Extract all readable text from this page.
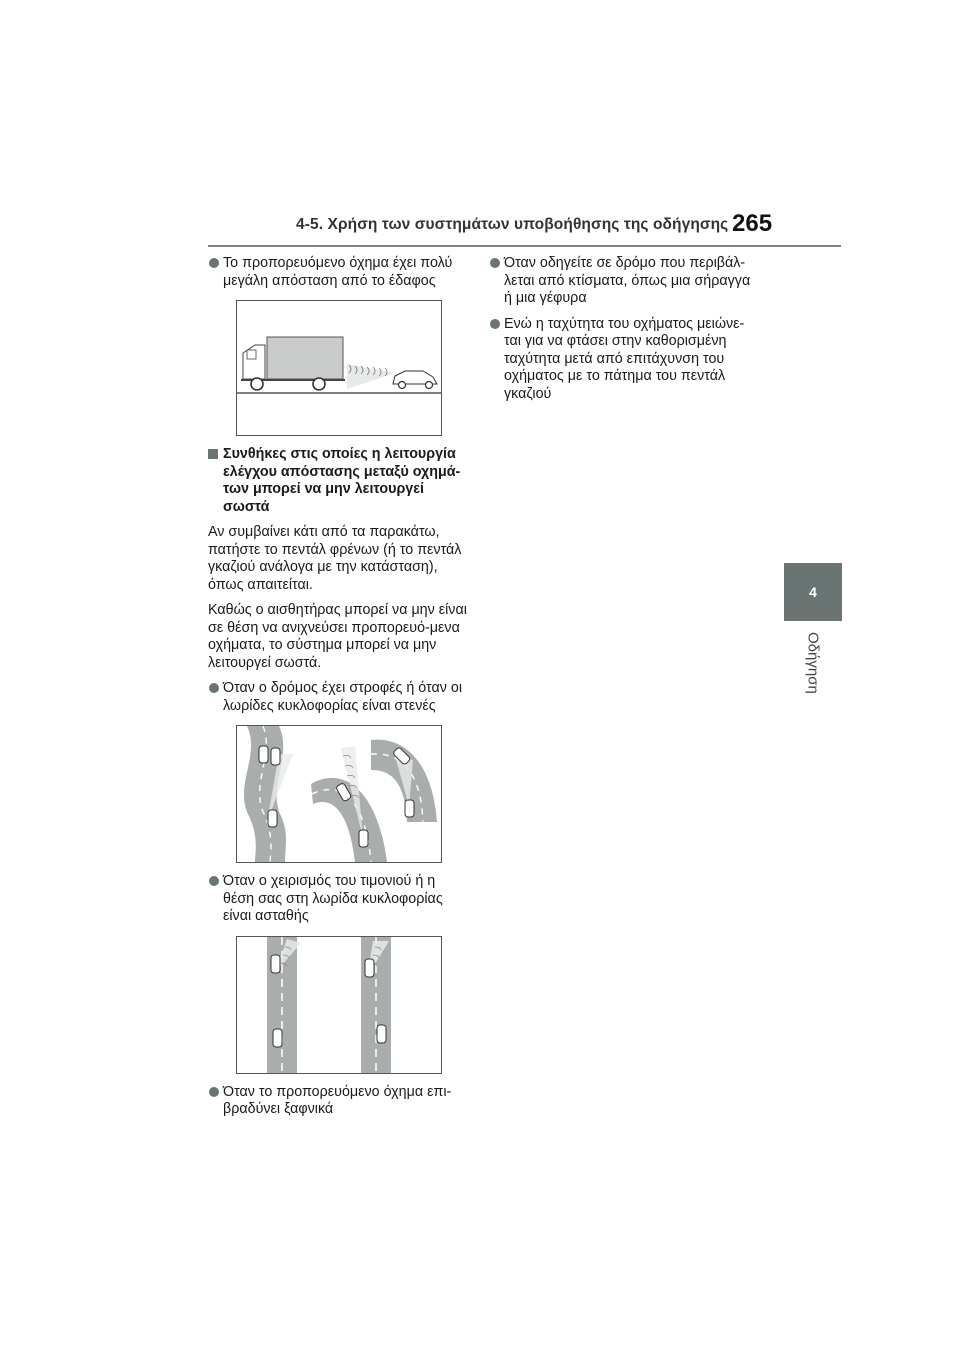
4-5. Χρήση των συστημάτων υποβοήθησης της οδήγησης 265
4
Οδήγηση
Το προπορευόμενο όχημα έχει πολύ μεγάλη απόσταση από το έδαφος
Συνθήκες στις οποίες η λειτουργία ελέγχου απόστασης μεταξύ οχημά-των μπορεί να μην λειτουργεί σωστά

Αν συμβαίνει κάτι από τα παρακάτω, πατήστε το πεντάλ φρένων (ή το πεντάλ γκαζιού ανάλογα με την κατάσταση), όπως απαιτείται.

Καθώς ο αισθητήρας μπορεί να μην είναι σε θέση να ανιχνεύσει προπορευό-μενα οχήματα, το σύστημα μπορεί να μην λειτουργεί σωστά.

Όταν ο δρόμος έχει στροφές ή όταν οι λωρίδες κυκλοφορίας είναι στενές
Όταν ο χειρισμός του τιμονιού ή η θέση σας στη λωρίδα κυκλοφορίας είναι ασταθής
Όταν το προπορευόμενο όχημα επι-βραδύνει ξαφνικά
Όταν οδηγείτε σε δρόμο που περιβάλ-λεται από κτίσματα, όπως μια σήραγγα ή μια γέφυρα
Ενώ η ταχύτητα του οχήματος μειώνε-ται για να φτάσει στην καθορισμένη ταχύτητα μετά από επιτάχυνση του οχήματος με το πάτημα του πεντάλ γκαζιού
